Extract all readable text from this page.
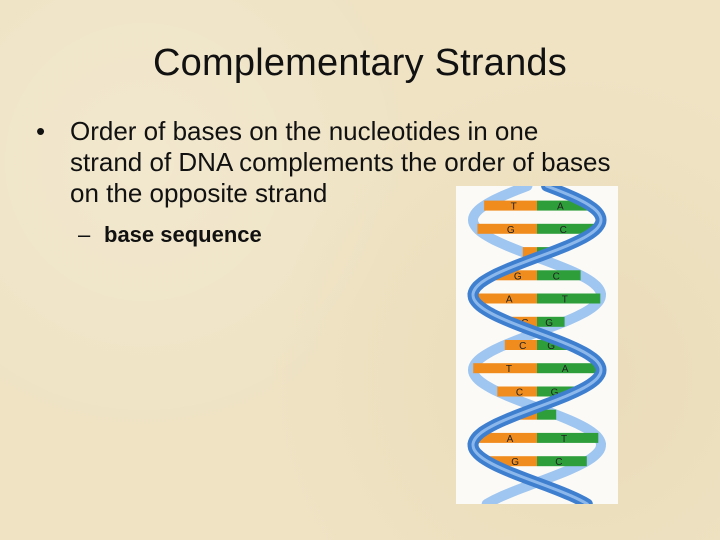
Complementary Strands
• Order of bases on the nucleotides in one strand of DNA complements the order of bases on the opposite strand
– base sequence
T	A
G	C
G	C
A	T
C G
C G
T	A
C	G
A	T
G	C
